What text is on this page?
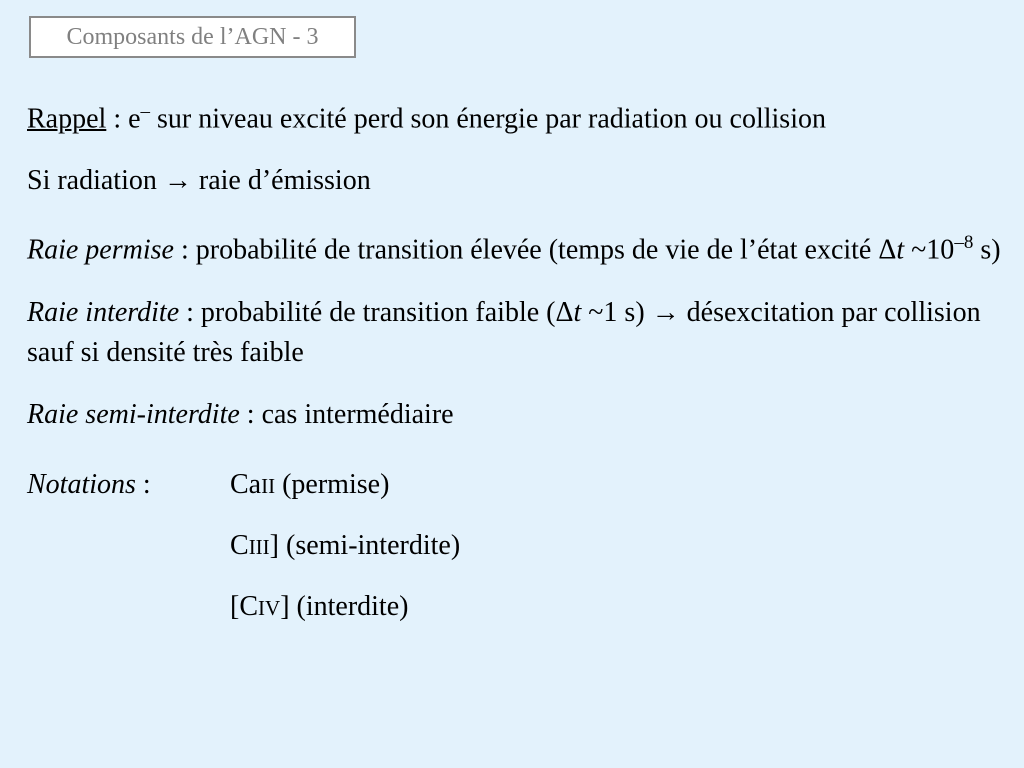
Composants de l’AGN - 3

Rappel : e– sur niveau excité perd son énergie par radiation ou collision

Si radiation → raie d’émission

Raie permise : probabilité de transition élevée (temps de vie de l’état excité Δt $\sim 10^{-8}$ s)

Raie interdite : probabilité de transition faible (Δt ~1 s) → désexcitation par collision sauf si densité très faible

Raie semi-interdite : cas intermédiaire

Notations :	CaII (permise)
CIII] (semi-interdite)
[CIV] (interdite)
